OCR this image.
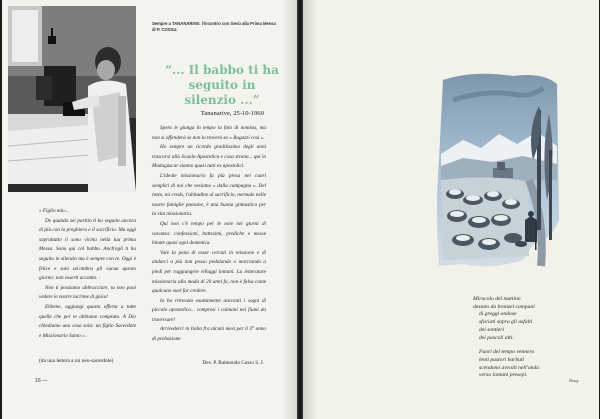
Sempre a TANANARIVE: l'incontro con Gesù alla Prima Messa di P. COSSU.
“... Il babbo ti ha seguito in silenzio ...”
Tananarive, 25-10-1960

Spero le giunga in tempo la foto di nomina, ma non si offenderà se non la troverà su « Ragazzi così ».

Ho sempre un ricordo graditissimo degli anni trascorsi alla Scuola Apostolica e cosa strana... qui in Madagascar sianno quasi tutti ex apostolici.

L'ideale missionario fa più presa nei cuori semplici di noi che vesiamo « dalla campagna ». Del resto, mi credo, l'abitudine al sacrificio, normale nelle nostre famiglie paesane, è una buona ginnastica per la vita missionaria.

Qui non c'è tempo per le noie nei giorni di vacanza: confessioni, battesimi, prediche e messe binate quasi ogni domenica.

Vale la pena di esser cercati in missione e di andarci a più non posso pedalando o marciando a piedi per raggiungere villaggi lontani. La letterature missionaria alla moda di 20 anni fa, non è falsa come qualcuno vuol far credere.

Io ho ritrovato esattamente ancorati i sogni di piccolo apostolico... compresi i caimani nei fiumi da traversare!

Arrivederci in Italia fra alcuni mesi per il 3° anno di probazione.

Dev. P. Raimondo Cossu S. J.

« Figlio mio...

De quando sei partito ti ho seguito ancora di più con la preghiera e il sacrificio. Ma oggi soprattutto ti sono vicina nella tua prima Messa. Sono qui col babbo. Anch'egli ti ha seguito in silenzio ma è sempre con te. Oggi è felice e solo un'ombra gli vacua questo giorno: non esserti accanto. ·

Non ti possiamo abbracciare, tu non puoi vedere le nostre lacrime di gioia!

Ebbene, aggiungi questa offerta a tutte quelle che per te abbiamo compiuto. A Dio chiediamo una cosa sola: un figlio Sacerdote e Missionario Santo ».

(da una lettera a un neo-sacerdote)
16 —

Miracolo del mattino
destato da bronzei campani
di greggi ondose
sfociati sopra gli asfalti
dei sentieri
dei pascoli alti.

Fuori del tempo vennero
lenti pastori barbuti
scendono avvolti nell'onda
verso lontani presepi.

Nesq.
